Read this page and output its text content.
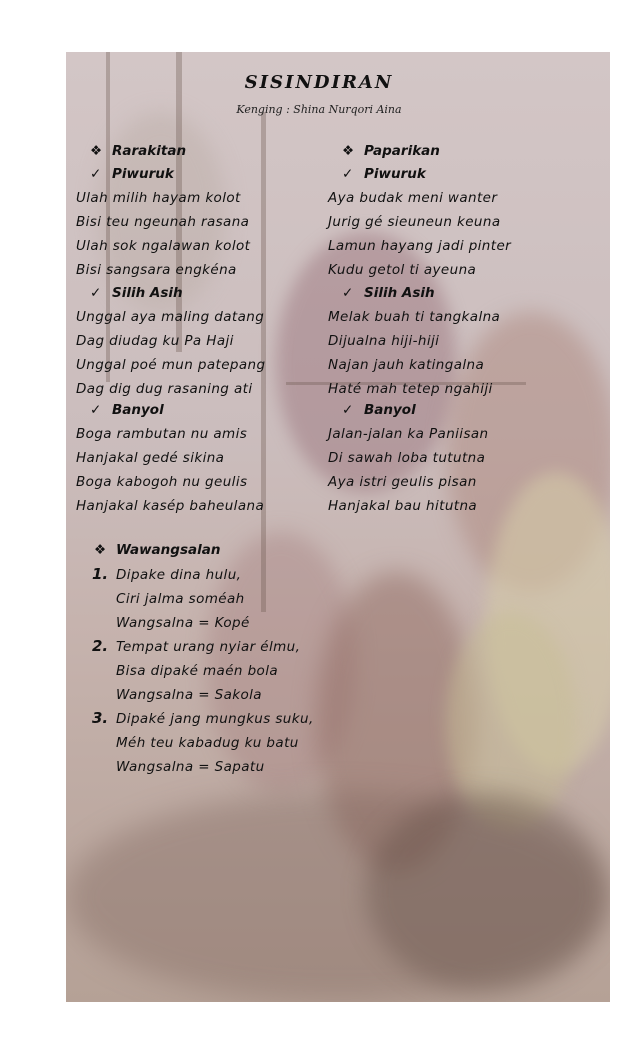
SISINDIRAN
Kenging : Shina Nurqori Aina
❖ Rarakitan
✓ Piwuruk
Ulah milih hayam kolot
Bisi teu ngeunah rasana
Ulah sok ngalawan kolot
Bisi sangsara engkéna
✓ Silih Asih
Unggal aya maling datang
Dag diudag ku Pa Haji
Unggal poé mun patepang
Dag dig dug rasaning ati
✓ Banyol
Boga rambutan nu amis
Hanjakal gedé sikina
Boga kabogoh nu geulis
Hanjakal kasép baheulana
❖ Paparikan
✓ Piwuruk
Aya budak meni wanter
Jurig gé sieuneun keuna
Lamun hayang jadi pinter
Kudu getol ti ayeuna
✓ Silih Asih
Melak buah ti tangkalna
Dijualna hiji-hiji
Najan jauh katingalna
Haté mah tetep ngahiji
✓ Banyol
Jalan-jalan ka Paniisan
Di sawah loba tututna
Aya istri geulis pisan
Hanjakal bau hitutna
❖ Wawangsalan
1. Dipake dina hulu,
Ciri jalma soméah
Wangsalna = Kopé
2. Tempat urang nyiar élmu,
Bisa dipaké maén bola
Wangsalna = Sakola
3. Dipaké jang mungkus suku,
Méh teu kabadug ku batu
Wangsalna = Sapatu
